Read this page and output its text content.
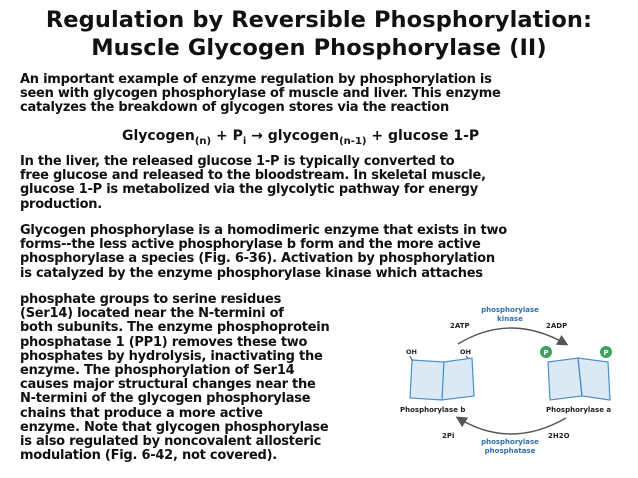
Regulation by Reversible Phosphorylation:
Muscle Glycogen Phosphorylase (II)
An important example of enzyme regulation by phosphorylation is
seen with glycogen phosphorylase of muscle and liver. This enzyme
catalyzes the breakdown of glycogen stores via the reaction
Glycogen$_{(n)}$ + $P_i$ → glycogen$_{(n-1)}$ + glucose 1-P
In the liver, the released glucose 1-P is typically converted to
free glucose and released to the bloodstream. In skeletal muscle,
glucose 1-P is metabolized via the glycolytic pathway for energy
production.
Glycogen phosphorylase is a homodimeric enzyme that exists in two
forms--the less active phosphorylase b form and the more active
phosphorylase a species (Fig. 6-36). Activation by phosphorylation
is catalyzed by the enzyme phosphorylase kinase which attaches
phosphate groups to serine residues
(Ser14) located near the N-termini of
both subunits. The enzyme phosphoprotein
phosphatase 1 (PP1) removes these two
phosphates by hydrolysis, inactivating the
enzyme. The phosphorylation of Ser14
causes major structural changes near the
N-termini of the glycogen phosphorylase
chains that produce a more active
enzyme. Note that glycogen phosphorylase
is also regulated by noncovalent allosteric
modulation (Fig. 6-42, not covered).
phosphorylase
kinase
2ATP	2ADP
OH	OH
Phosphorylase b
P	P
Phosphorylase a
2Pi	2H2O
phosphorylase
phosphatase
